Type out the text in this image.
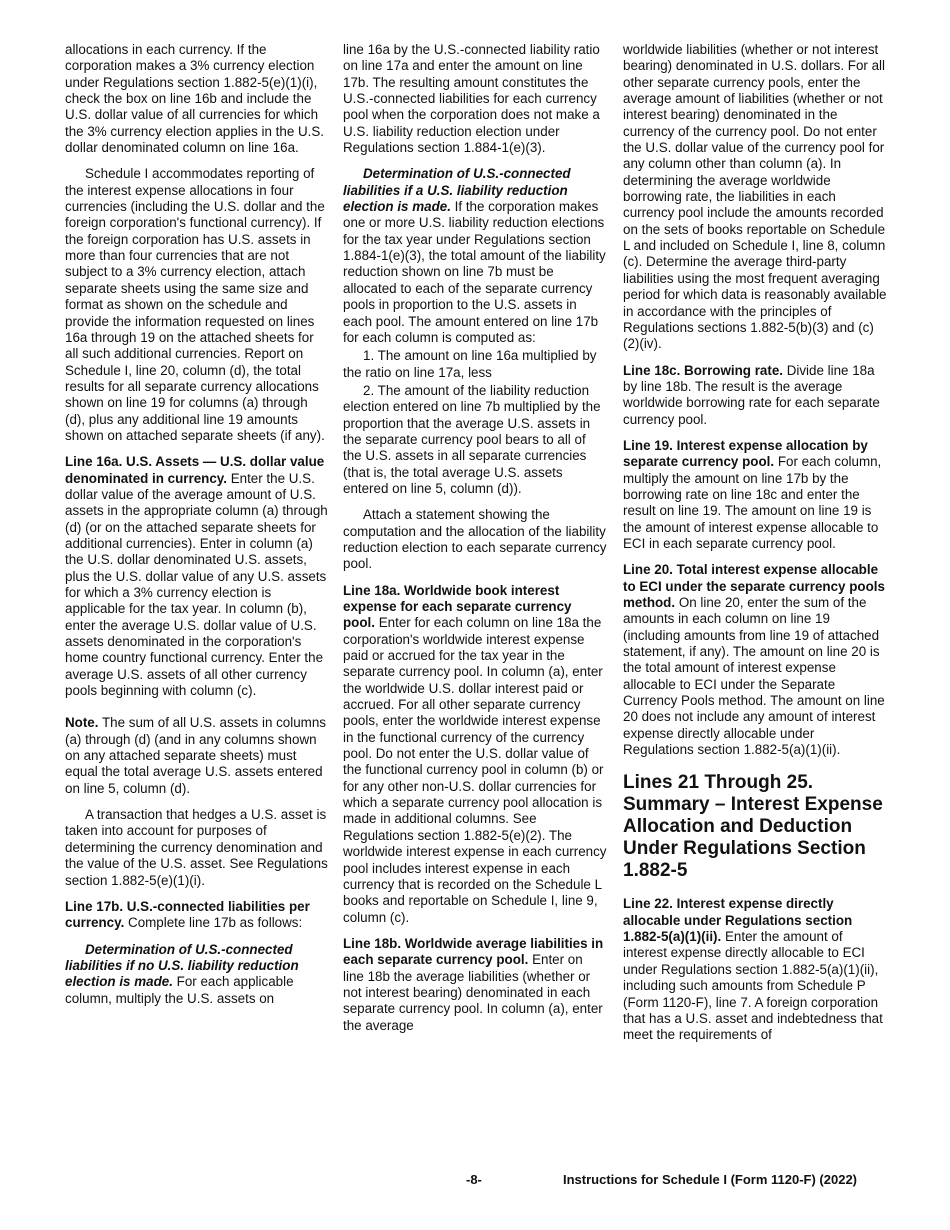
allocations in each currency. If the corporation makes a 3% currency election under Regulations section 1.882-5(e)(1)(i), check the box on line 16b and include the U.S. dollar value of all currencies for which the 3% currency election applies in the U.S. dollar denominated column on line 16a.

Schedule I accommodates reporting of the interest expense allocations in four currencies (including the U.S. dollar and the foreign corporation's functional currency). If the foreign corporation has U.S. assets in more than four currencies that are not subject to a 3% currency election, attach separate sheets using the same size and format as shown on the schedule and provide the information requested on lines 16a through 19 on the attached sheets for all such additional currencies. Report on Schedule I, line 20, column (d), the total results for all separate currency allocations shown on line 19 for columns (a) through (d), plus any additional line 19 amounts shown on attached separate sheets (if any).

Line 16a. U.S. Assets — U.S. dollar value denominated in currency. Enter the U.S. dollar value of the average amount of U.S. assets in the appropriate column (a) through (d) (or on the attached separate sheets for additional currencies). Enter in column (a) the U.S. dollar denominated U.S. assets, plus the U.S. dollar value of any U.S. assets for which a 3% currency election is applicable for the tax year. In column (b), enter the average U.S. dollar value of U.S. assets denominated in the corporation's home country functional currency. Enter the average U.S. assets of all other currency pools beginning with column (c).

Note. The sum of all U.S. assets in columns (a) through (d) (and in any columns shown on any attached separate sheets) must equal the total average U.S. assets entered on line 5, column (d).

A transaction that hedges a U.S. asset is taken into account for purposes of determining the currency denomination and the value of the U.S. asset. See Regulations section 1.882-5(e)(1)(i).

Line 17b. U.S.-connected liabilities per currency. Complete line 17b as follows:

Determination of U.S.-connected liabilities if no U.S. liability reduction election is made. For each applicable column, multiply the U.S. assets on

line 16a by the U.S.-connected liability ratio on line 17a and enter the amount on line 17b. The resulting amount constitutes the U.S.-connected liabilities for each currency pool when the corporation does not make a U.S. liability reduction election under Regulations section 1.884-1(e)(3).

Determination of U.S.-connected liabilities if a U.S. liability reduction election is made. If the corporation makes one or more U.S. liability reduction elections for the tax year under Regulations section 1.884-1(e)(3), the total amount of the liability reduction shown on line 7b must be allocated to each of the separate currency pools in proportion to the U.S. assets in each pool. The amount entered on line 17b for each column is computed as:

1. The amount on line 16a multiplied by the ratio on line 17a, less

2. The amount of the liability reduction election entered on line 7b multiplied by the proportion that the average U.S. assets in the separate currency pool bears to all of the U.S. assets in all separate currencies (that is, the total average U.S. assets entered on line 5, column (d)).

Attach a statement showing the computation and the allocation of the liability reduction election to each separate currency pool.

Line 18a. Worldwide book interest expense for each separate currency pool. Enter for each column on line 18a the corporation's worldwide interest expense paid or accrued for the tax year in the separate currency pool. In column (a), enter the worldwide U.S. dollar interest paid or accrued. For all other separate currency pools, enter the worldwide interest expense in the functional currency of the currency pool. Do not enter the U.S. dollar value of the functional currency pool in column (b) or for any other non-U.S. dollar currencies for which a separate currency pool allocation is made in additional columns. See Regulations section 1.882-5(e)(2). The worldwide interest expense in each currency pool includes interest expense in each currency that is recorded on the Schedule L books and reportable on Schedule I, line 9, column (c).

Line 18b. Worldwide average liabilities in each separate currency pool. Enter on line 18b the average liabilities (whether or not interest bearing) denominated in each separate currency pool. In column (a), enter the average

worldwide liabilities (whether or not interest bearing) denominated in U.S. dollars. For all other separate currency pools, enter the average amount of liabilities (whether or not interest bearing) denominated in the currency of the currency pool. Do not enter the U.S. dollar value of the currency pool for any column other than column (a). In determining the average worldwide borrowing rate, the liabilities in each currency pool include the amounts recorded on the sets of books reportable on Schedule L and included on Schedule I, line 8, column (c). Determine the average third-party liabilities using the most frequent averaging period for which data is reasonably available in accordance with the principles of Regulations sections 1.882-5(b)(3) and (c)(2)(iv).

Line 18c. Borrowing rate. Divide line 18a by line 18b. The result is the average worldwide borrowing rate for each separate currency pool.

Line 19. Interest expense allocation by separate currency pool. For each column, multiply the amount on line 17b by the borrowing rate on line 18c and enter the result on line 19. The amount on line 19 is the amount of interest expense allocable to ECI in each separate currency pool.

Line 20. Total interest expense allocable to ECI under the separate currency pools method. On line 20, enter the sum of the amounts in each column on line 19 (including amounts from line 19 of attached statement, if any). The amount on line 20 is the total amount of interest expense allocable to ECI under the Separate Currency Pools method. The amount on line 20 does not include any amount of interest expense directly allocable under Regulations section 1.882-5(a)(1)(ii).

Lines 21 Through 25. Summary – Interest Expense Allocation and Deduction Under Regulations Section 1.882-5

Line 22. Interest expense directly allocable under Regulations section 1.882-5(a)(1)(ii). Enter the amount of interest expense directly allocable to ECI under Regulations section 1.882-5(a)(1)(ii), including such amounts from Schedule P (Form 1120-F), line 7. A foreign corporation that has a U.S. asset and indebtedness that meet the requirements of

-8-	Instructions for Schedule I (Form 1120-F) (2022)
